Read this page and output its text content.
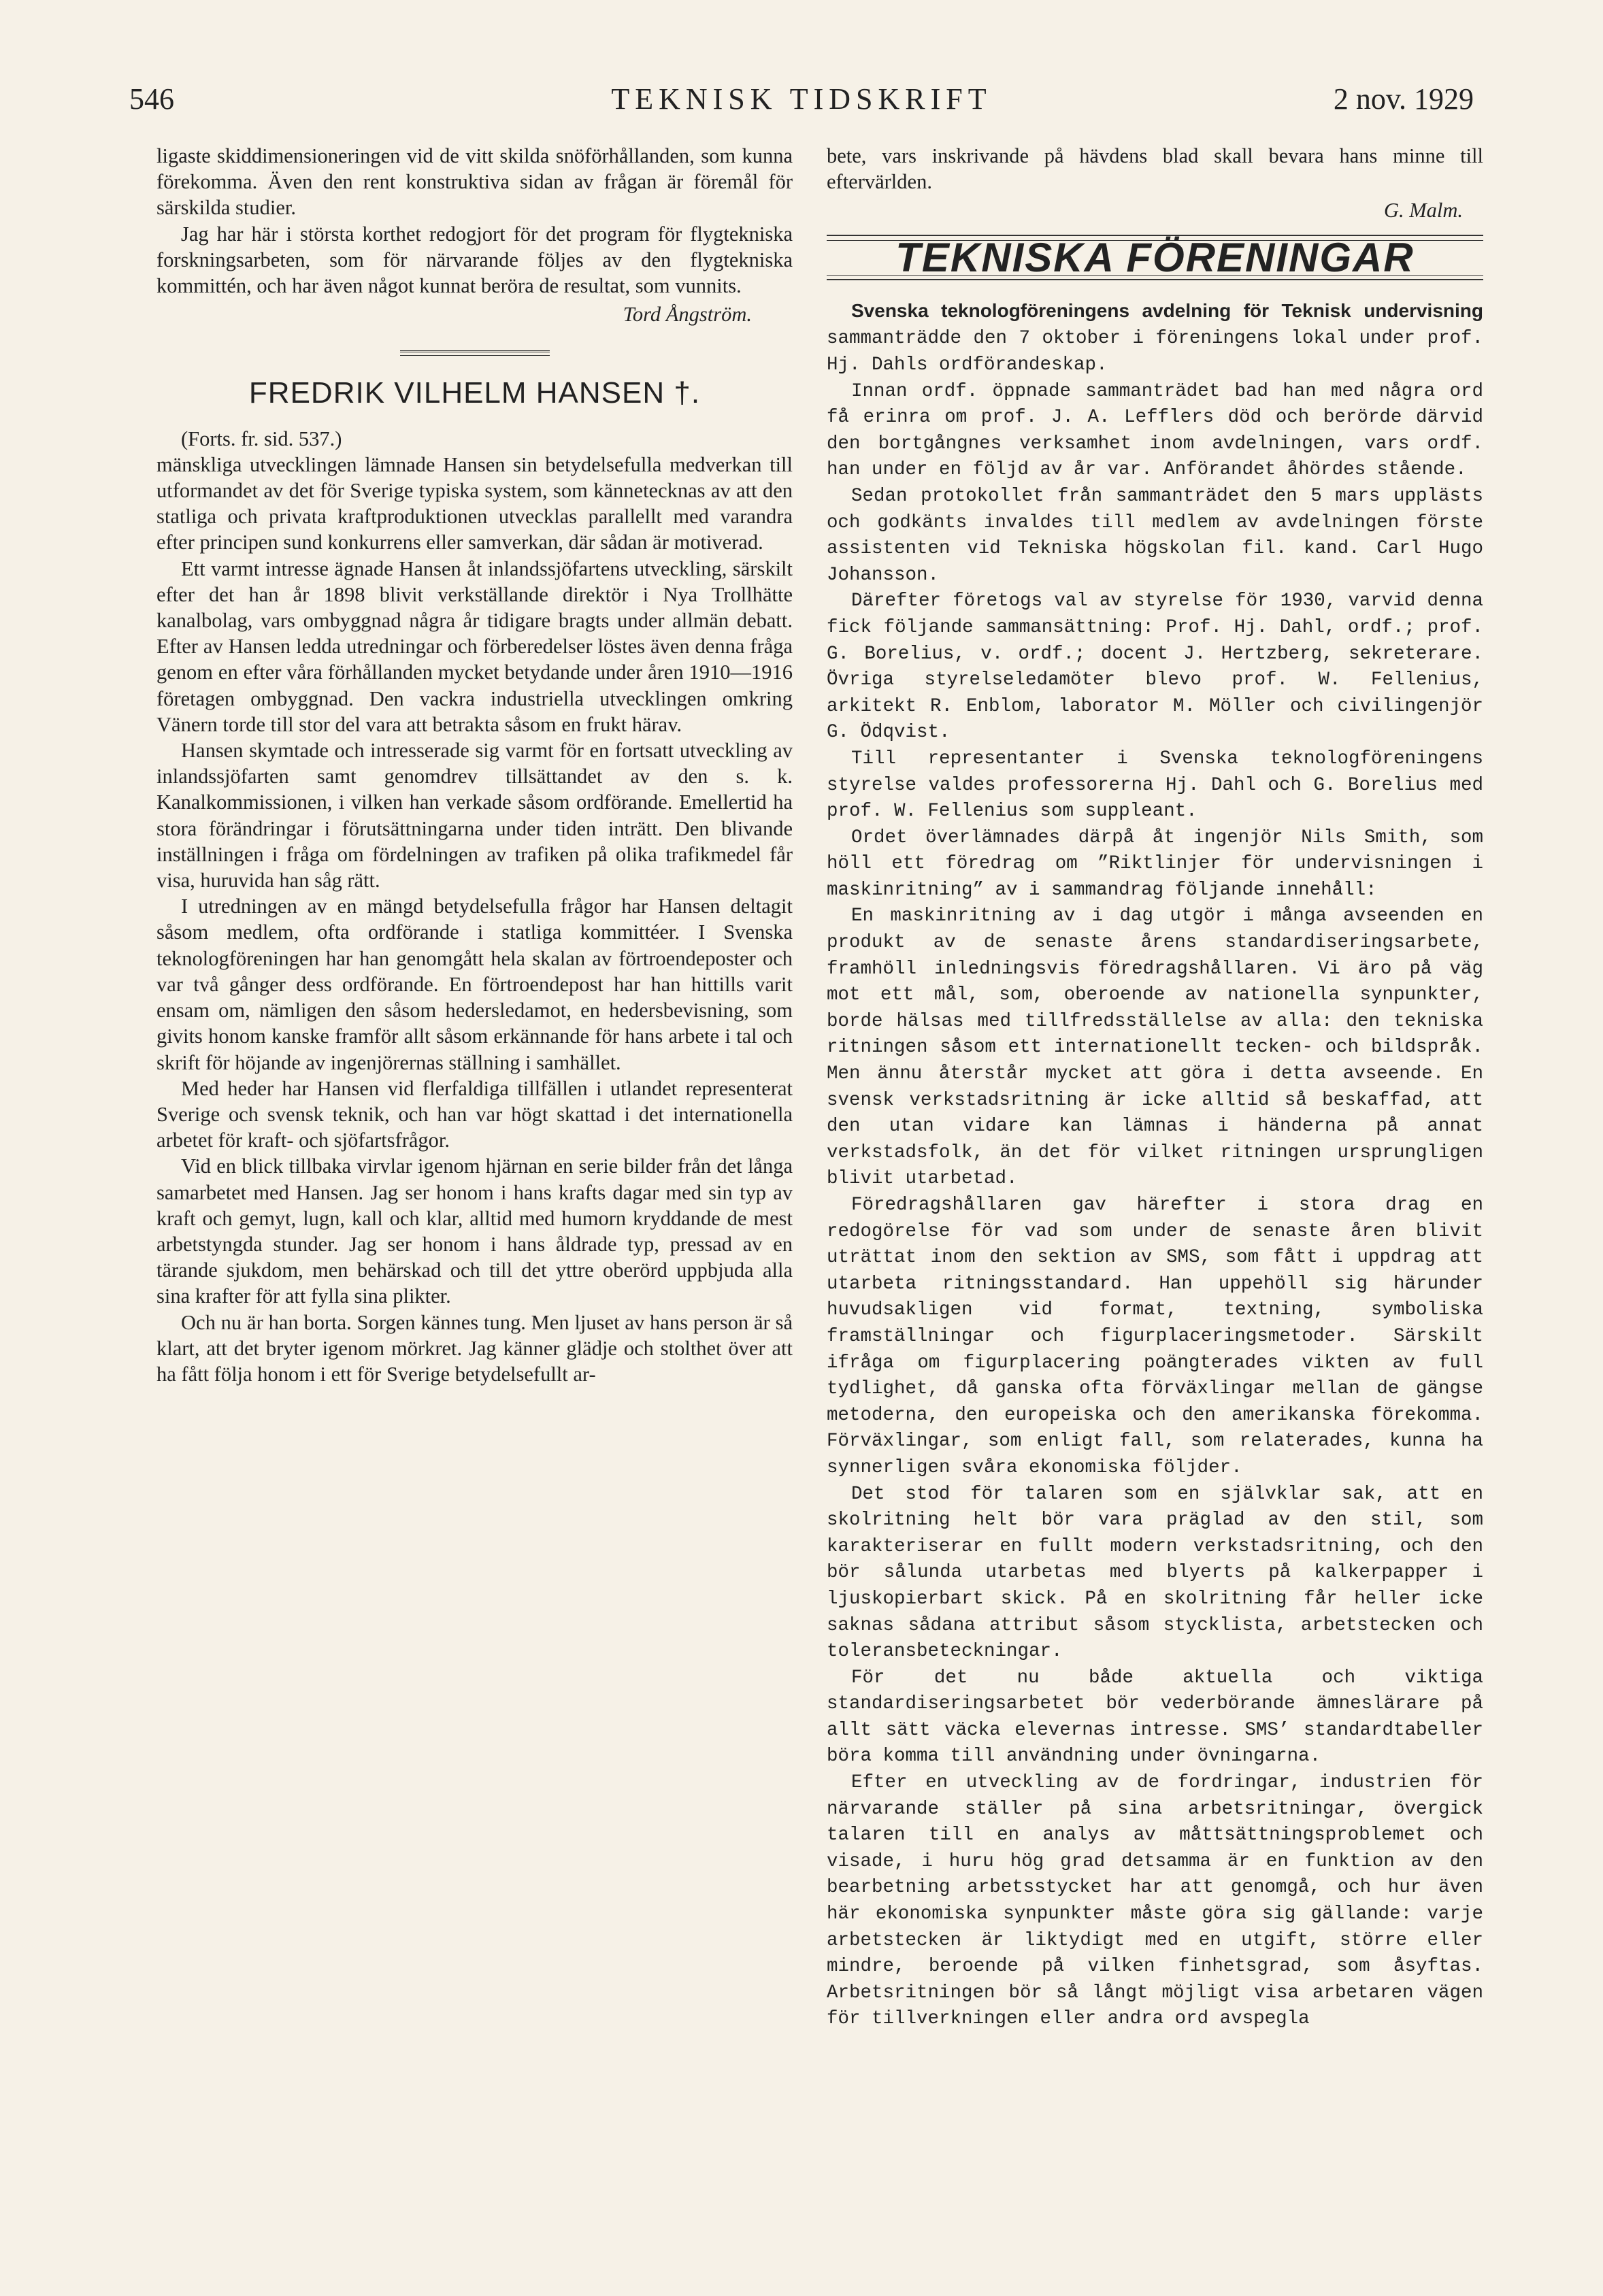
546	TEKNISK TIDSKRIFT	2 nov. 1929

ligaste skiddimensioneringen vid de vitt skilda snöförhållanden, som kunna förekomma. Även den rent konstruktiva sidan av frågan är föremål för särskilda studier.

Jag har här i största korthet redogjort för det program för flygtekniska forskningsarbeten, som för närvarande följes av den flygtekniska kommittén, och har även något kunnat beröra de resultat, som vunnits.

Tord Ångström.

FREDRIK VILHELM HANSEN †.

(Forts. fr. sid. 537.)

mänskliga utvecklingen lämnade Hansen sin betydelsefulla medverkan till utformandet av det för Sverige typiska system, som kännetecknas av att den statliga och privata kraftproduktionen utvecklas parallellt med varandra efter principen sund konkurrens eller samverkan, där sådan är motiverad.

Ett varmt intresse ägnade Hansen åt inlandssjöfartens utveckling, särskilt efter det han år 1898 blivit verkställande direktör i Nya Trollhätte kanalbolag, vars ombyggnad några år tidigare bragts under allmän debatt. Efter av Hansen ledda utredningar och förberedelser löstes även denna fråga genom en efter våra förhållanden mycket betydande under åren 1910—1916 företagen ombyggnad. Den vackra industriella utvecklingen omkring Vänern torde till stor del vara att betrakta såsom en frukt härav.

Hansen skymtade och intresserade sig varmt för en fortsatt utveckling av inlandssjöfarten samt genomdrev tillsättandet av den s. k. Kanalkommissionen, i vilken han verkade såsom ordförande. Emellertid ha stora förändringar i förutsättningarna under tiden inträtt. Den blivande inställningen i fråga om fördelningen av trafiken på olika trafikmedel får visa, huruvida han såg rätt.

I utredningen av en mängd betydelsefulla frågor har Hansen deltagit såsom medlem, ofta ordförande i statliga kommittéer. I Svenska teknologföreningen har han genomgått hela skalan av förtroendeposter och var två gånger dess ordförande. En förtroendepost har han hittills varit ensam om, nämligen den såsom hedersledamot, en hedersbevisning, som givits honom kanske framför allt såsom erkännande för hans arbete i tal och skrift för höjande av ingenjörernas ställning i samhället.

Med heder har Hansen vid flerfaldiga tillfällen i utlandet representerat Sverige och svensk teknik, och han var högt skattad i det internationella arbetet för kraft- och sjöfartsfrågor.

Vid en blick tillbaka virvlar igenom hjärnan en serie bilder från det långa samarbetet med Hansen. Jag ser honom i hans krafts dagar med sin typ av kraft och gemyt, lugn, kall och klar, alltid med humorn kryddande de mest arbetstyngda stunder. Jag ser honom i hans åldrade typ, pressad av en tärande sjukdom, men behärskad och till det yttre oberörd uppbjuda alla sina krafter för att fylla sina plikter.

Och nu är han borta. Sorgen kännes tung. Men ljuset av hans person är så klart, att det bryter igenom mörkret. Jag känner glädje och stolthet över att ha fått följa honom i ett för Sverige betydelsefullt ar-

bete, vars inskrivande på hävdens blad skall bevara hans minne till eftervärlden.

G. Malm.

TEKNISKA FÖRENINGAR

Svenska teknologföreningens avdelning för Teknisk undervisning sammanträdde den 7 oktober i föreningens lokal under prof. Hj. Dahls ordförandeskap.

Innan ordf. öppnade sammanträdet bad han med några ord få erinra om prof. J. A. Lefflers död och berörde därvid den bortgångnes verksamhet inom avdelningen, vars ordf. han under en följd av år var. Anförandet åhördes stående.

Sedan protokollet från sammanträdet den 5 mars upplästs och godkänts invaldes till medlem av avdelningen förste assistenten vid Tekniska högskolan fil. kand. Carl Hugo Johansson.

Därefter företogs val av styrelse för 1930, varvid denna fick följande sammansättning: Prof. Hj. Dahl, ordf.; prof. G. Borelius, v. ordf.; docent J. Hertzberg, sekreterare. Övriga styrelseledamöter blevo prof. W. Fellenius, arkitekt R. Enblom, laborator M. Möller och civilingenjör G. Ödqvist.

Till representanter i Svenska teknologföreningens styrelse valdes professorerna Hj. Dahl och G. Borelius med prof. W. Fellenius som suppleant.

Ordet överlämnades därpå åt ingenjör Nils Smith, som höll ett föredrag om ”Riktlinjer för undervisningen i maskinritning” av i sammandrag följande innehåll:

En maskinritning av i dag utgör i många avseenden en produkt av de senaste årens standardiseringsarbete, framhöll inledningsvis föredragshållaren. Vi äro på väg mot ett mål, som, oberoende av nationella synpunkter, borde hälsas med tillfredsställelse av alla: den tekniska ritningen såsom ett internationellt tecken- och bildspråk. Men ännu återstår mycket att göra i detta avseende. En svensk verkstadsritning är icke alltid så beskaffad, att den utan vidare kan lämnas i händerna på annat verkstadsfolk, än det för vilket ritningen ursprungligen blivit utarbetad.

Föredragshållaren gav härefter i stora drag en redogörelse för vad som under de senaste åren blivit uträttat inom den sektion av SMS, som fått i uppdrag att utarbeta ritningsstandard. Han uppehöll sig härunder huvudsakligen vid format, textning, symboliska framställningar och figurplaceringsmetoder. Särskilt ifråga om figurplacering poängterades vikten av full tydlighet, då ganska ofta förväxlingar mellan de gängse metoderna, den europeiska och den amerikanska förekomma. Förväxlingar, som enligt fall, som relaterades, kunna ha synnerligen svåra ekonomiska följder.

Det stod för talaren som en självklar sak, att en skolritning helt bör vara präglad av den stil, som karakteriserar en fullt modern verkstadsritning, och den bör sålunda utarbetas med blyerts på kalkerpapper i ljuskopierbart skick. På en skolritning får heller icke saknas sådana attribut såsom stycklista, arbetstecken och toleransbeteckningar.

För det nu både aktuella och viktiga standardiseringsarbetet bör vederbörande ämneslärare på allt sätt väcka elevernas intresse. SMS’ standardtabeller böra komma till användning under övningarna.

Efter en utveckling av de fordringar, industrien för närvarande ställer på sina arbetsritningar, övergick talaren till en analys av måttsättningsproblemet och visade, i huru hög grad detsamma är en funktion av den bearbetning arbetsstycket har att genomgå, och hur även här ekonomiska synpunkter måste göra sig gällande: varje arbetstecken är liktydigt med en utgift, större eller mindre, beroende på vilken finhetsgrad, som åsyftas. Arbetsritningen bör så långt möjligt visa arbetaren vägen för tillverkningen eller andra ord avspegla
